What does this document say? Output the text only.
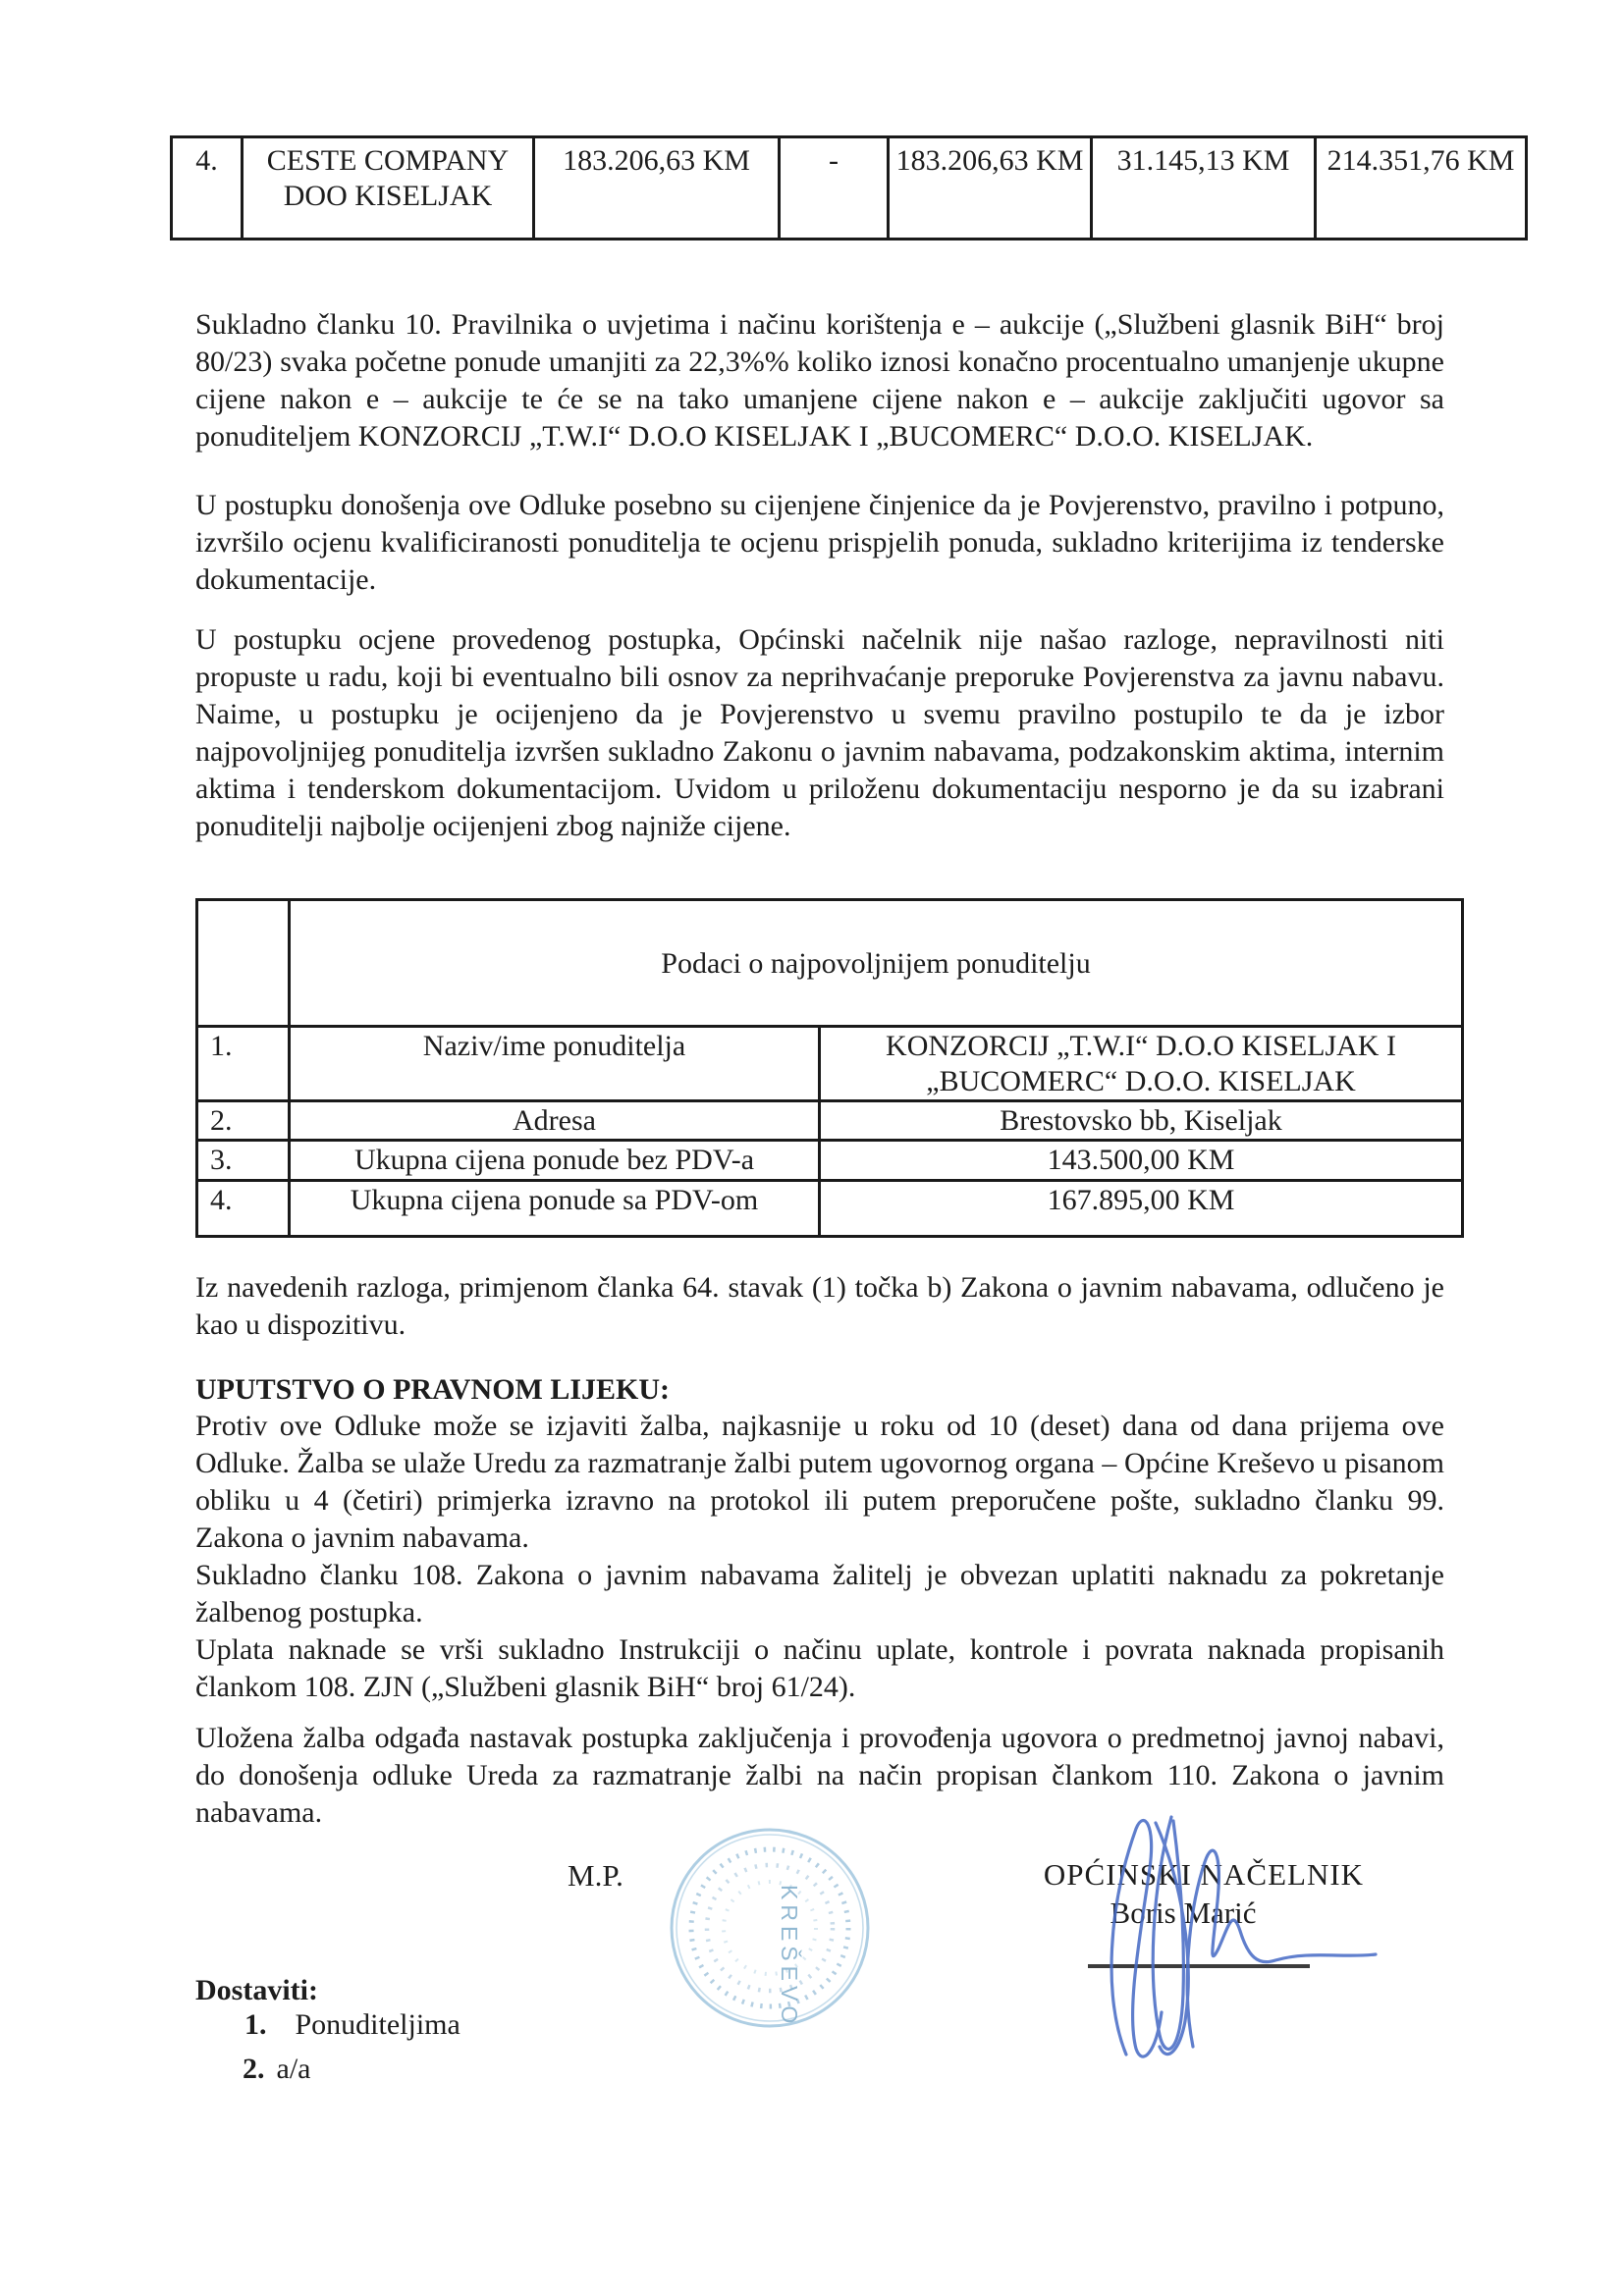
4.	CESTE COMPANY DOO KISELJAK	183.206,63 KM	-	183.206,63 KM	31.145,13 KM	214.351,76 KM
Sukladno članku 10. Pravilnika o uvjetima i načinu korištenja e – aukcije („Službeni glasnik BiH“ broj 80/23) svaka početne ponude umanjiti za 22,3%% koliko iznosi konačno procentualno umanjenje ukupne cijene nakon e – aukcije te će se na tako umanjene cijene nakon e – aukcije zaključiti ugovor sa ponuditeljem KONZORCIJ „T.W.I“ D.O.O KISELJAK I „BUCOMERC“ D.O.O. KISELJAK.
U postupku donošenja ove Odluke posebno su cijenjene činjenice da je Povjerenstvo, pravilno i potpuno, izvršilo ocjenu kvalificiranosti ponuditelja te ocjenu prispjelih ponuda, sukladno kriterijima iz tenderske dokumentacije.
U postupku ocjene provedenog postupka, Općinski načelnik nije našao razloge, nepravilnosti niti propuste u radu, koji bi eventualno bili osnov za neprihvaćanje preporuke Povjerenstva za javnu nabavu. Naime, u postupku je ocijenjeno da je Povjerenstvo u svemu pravilno postupilo te da je izbor najpovoljnijeg ponuditelja izvršen sukladno Zakonu o javnim nabavama, podzakonskim aktima, internim aktima i tenderskom dokumentacijom. Uvidom u priloženu dokumentaciju nesporno je da su izabrani ponuditelji najbolje ocijenjeni zbog najniže cijene.
	Podaci o najpovoljnijem ponuditelju	
1.	Naziv/ime ponuditelja	KONZORCIJ „T.W.I“ D.O.O KISELJAK I „BUCOMERC“ D.O.O. KISELJAK
2.	Adresa	Brestovsko bb, Kiseljak
3.	Ukupna cijena ponude bez PDV-a	143.500,00 KM
4.	Ukupna cijena ponude sa PDV-om	167.895,00 KM
Iz navedenih razloga, primjenom članka 64. stavak (1) točka b) Zakona o javnim nabavama, odlučeno je kao u dispozitivu.
UPUTSTVO O PRAVNOM LIJEKU:

Protiv ove Odluke može se izjaviti žalba, najkasnije u roku od 10 (deset) dana od dana prijema ove Odluke. Žalba se ulaže Uredu za razmatranje žalbi putem ugovornog organa – Općine Kreševo u pisanom obliku u 4 (četiri) primjerka izravno na protokol ili putem preporučene pošte, sukladno članku 99. Zakona o javnim nabavama.

Sukladno članku 108. Zakona o javnim nabavama žalitelj je obvezan uplatiti naknadu za pokretanje žalbenog postupka.

Uplata naknade se vrši sukladno Instrukciji o načinu uplate, kontrole i povrata naknada propisanih člankom 108. ZJN („Službeni glasnik BiH“ broj 61/24).

Uložena žalba odgađa nastavak postupka zaključenja i provođenja ugovora o predmetnoj javnoj nabavi, do donošenja odluke Ureda za razmatranje žalbi na način propisan člankom 110. Zakona o javnim nabavama.
M.P.
KREŠEVO
OPĆINSKI NAČELNIK
Boris Marić
Dostaviti:
1. Ponuditeljima
2. a/a
